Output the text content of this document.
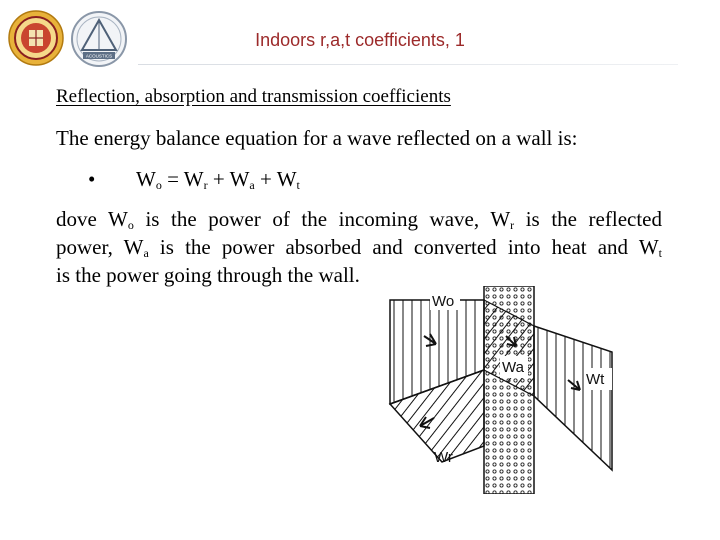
ACOUSTICS
Indoors r,a,t coefficients, 1
Reflection, absorption and transmission coefficients
The energy balance equation for a wave reflected on a wall is:
• $W_o = W_r + W_a + W_t$
dove $W_o$ is the power of the incoming wave, $W_r$ is the reflected
power, $W_a$ is the power absorbed and converted into heat and $W_t$
is the power going through the wall.
Wo
Wa
Wt
Wr
